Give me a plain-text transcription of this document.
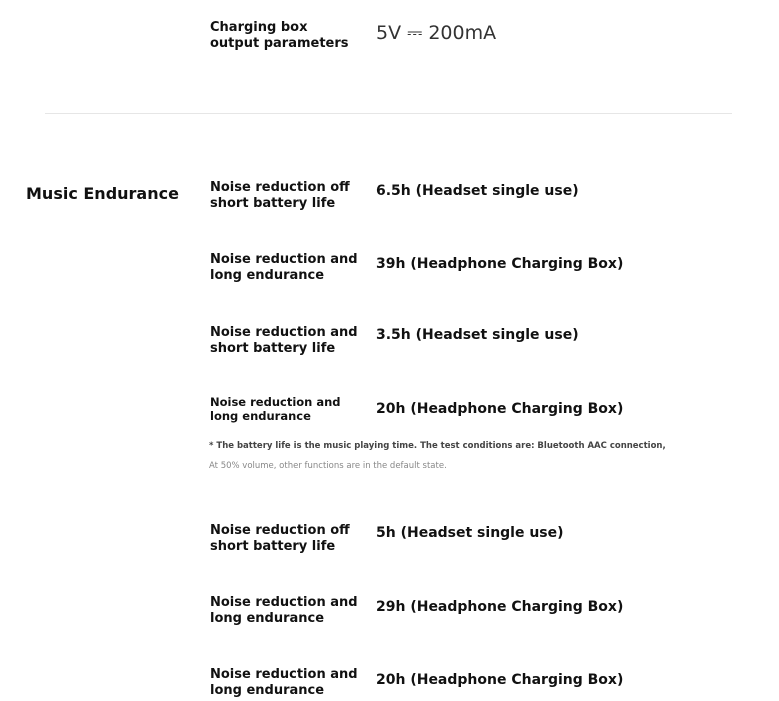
Charging box
output parameters	5V ⎓ 200mA
Music Endurance Noise reduction off
short battery life
6.5h (Headset single use)
Noise reduction and
long endurance
39h (Headphone Charging Box)
Noise reduction and
short battery life
3.5h (Headset single use)
Noise reduction and
long endurance	20h (Headphone Charging Box)
* The battery life is the music playing time. The test conditions are: Bluetooth AAC connection,
At 50% volume, other functions are in the default state.
Noise reduction off
short battery life
5h (Headset single use)
Noise reduction and
long endurance
29h (Headphone Charging Box)
Noise reduction and
long endurance
20h (Headphone Charging Box)
